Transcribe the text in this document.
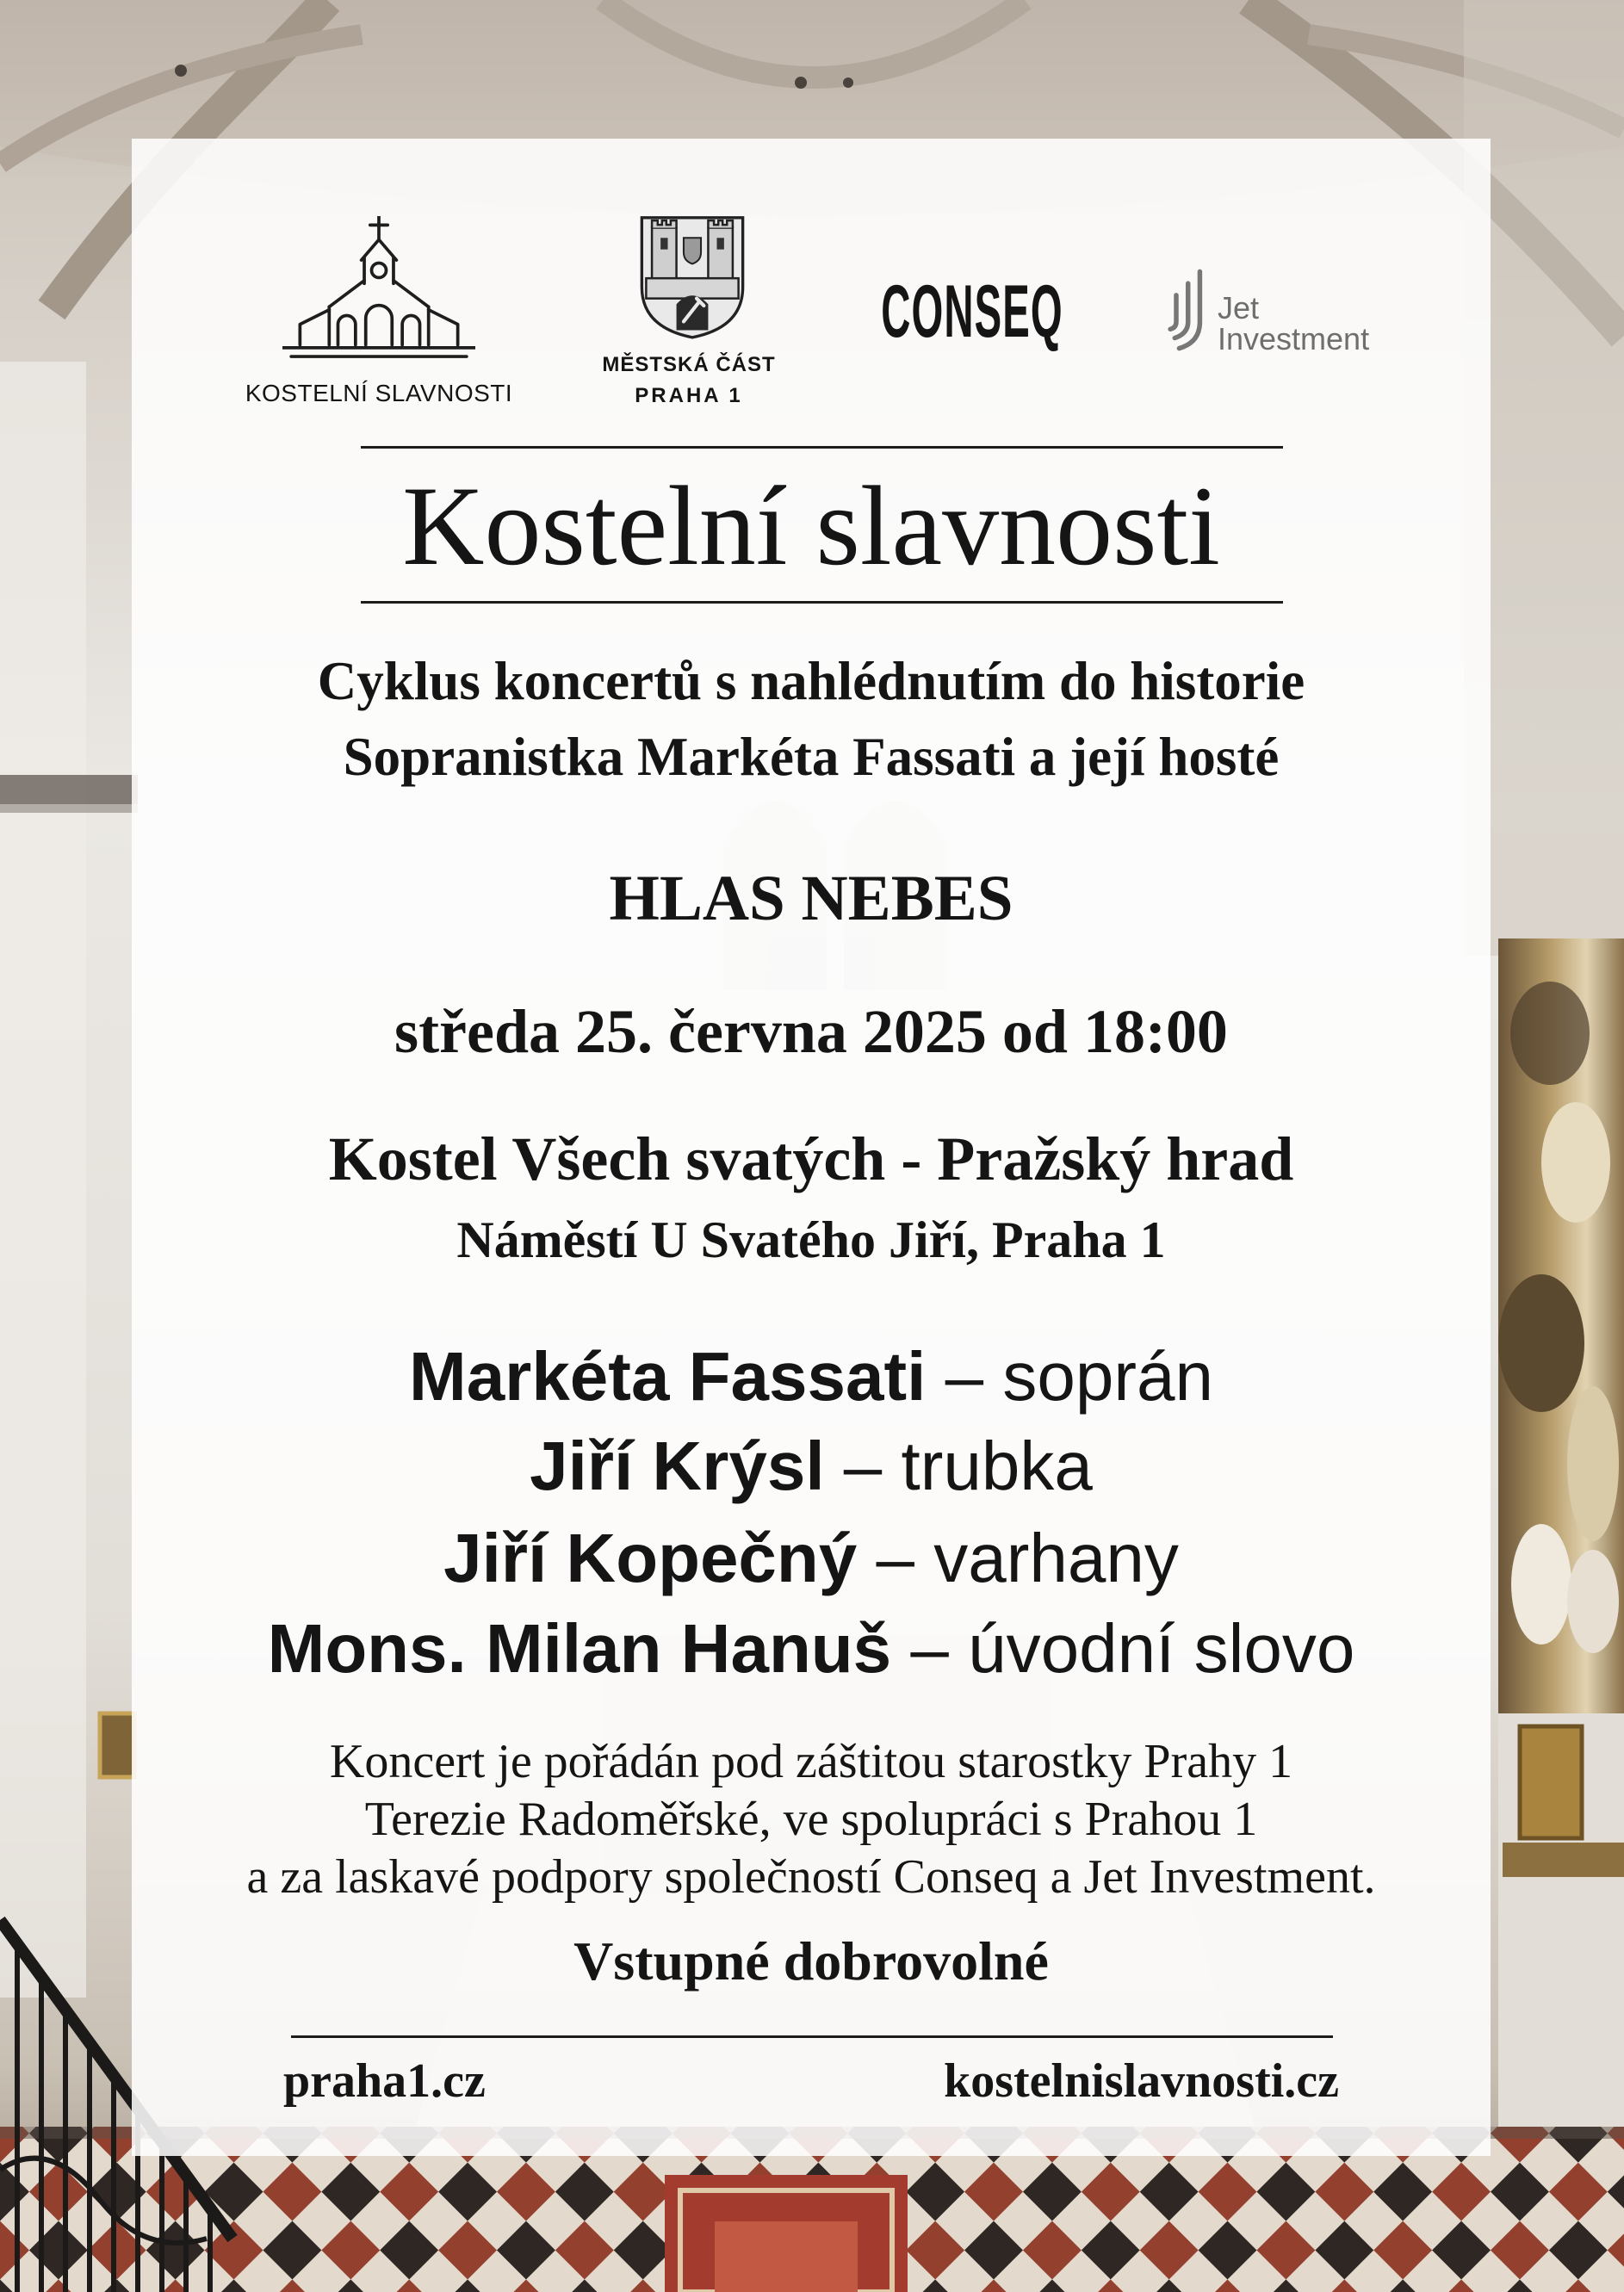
KOSTELNÍ SLAVNOSTI
MĚSTSKÁ ČÁST
PRAHA 1
CONSEQ	Jet
Investment
Kostelní slavnosti
Cyklus koncertů s nahlédnutím do historie
Sopranistka Markéta Fassati a její hosté
HLAS NEBES
středa 25. června 2025 od 18:00
Kostel Všech svatých - Pražský hrad
Náměstí U Svatého Jiří, Praha 1
Markéta Fassati – soprán
Jiří Krýsl – trubka
Jiří Kopečný – varhany
Mons. Milan Hanuš – úvodní slovo
Koncert je pořádán pod záštitou starostky Prahy 1
Terezie Radoměřské, ve spolupráci s Prahou 1
a za laskavé podpory společností Conseq a Jet Investment.
Vstupné dobrovolné
praha1.cz	kostelnislavnosti.cz
